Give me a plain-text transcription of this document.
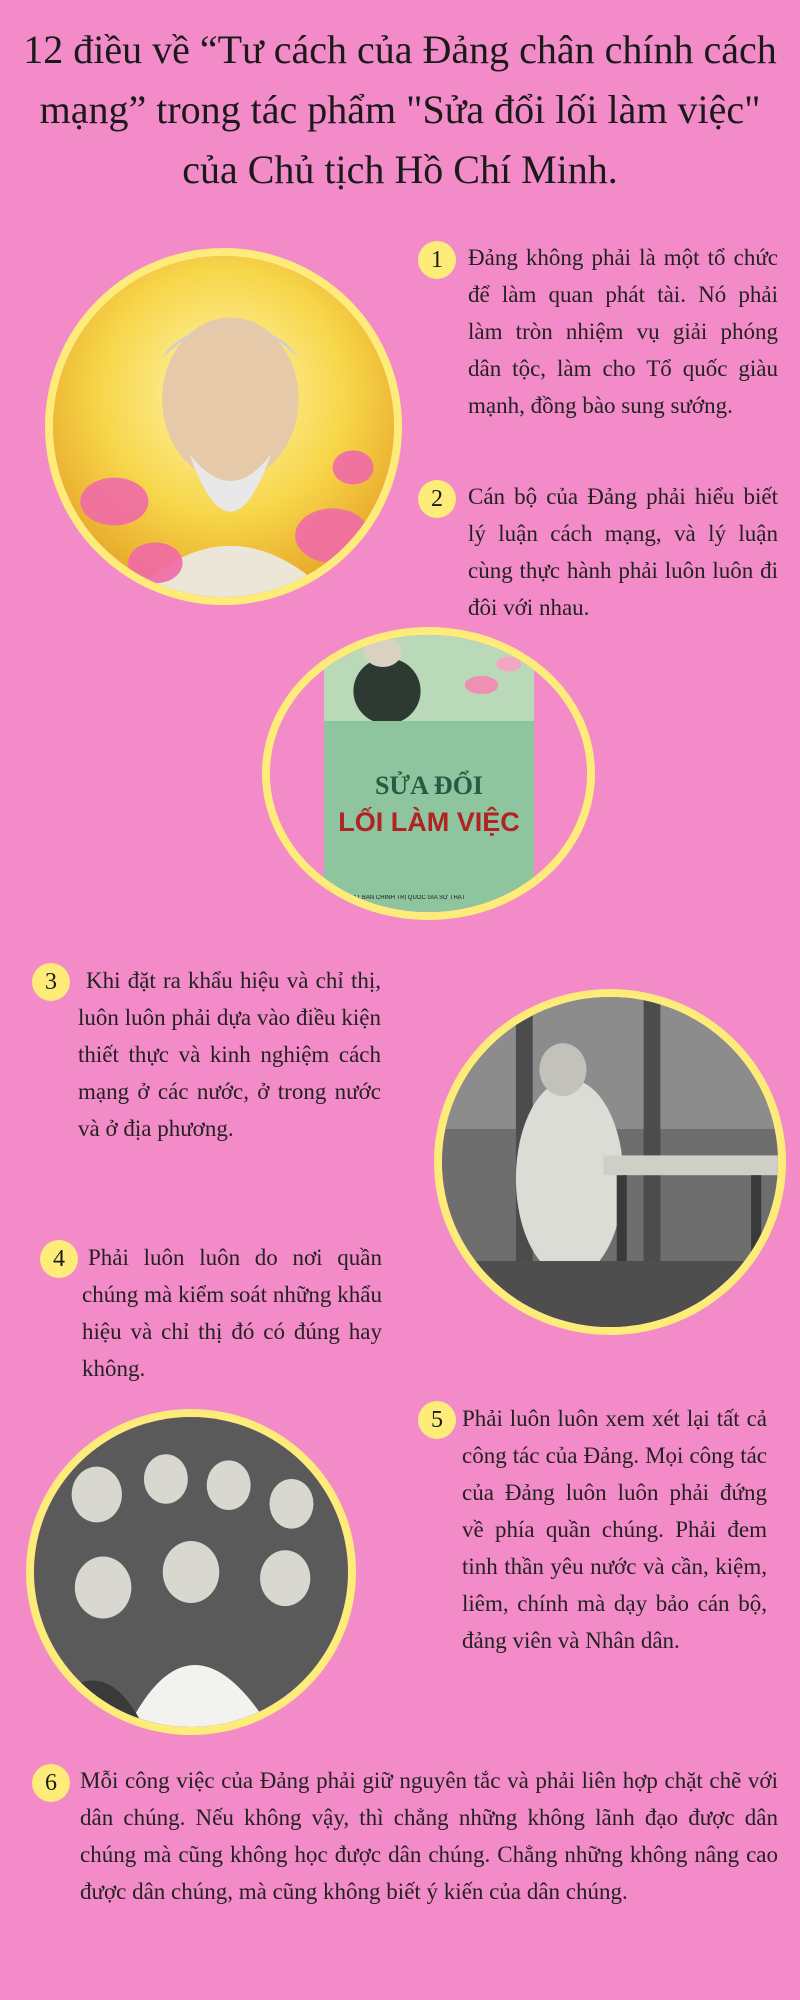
12 điều về “Tư cách của Đảng chân chính cách mạng” trong tác phẩm "Sửa đổi lối làm việc" của Chủ tịch Hồ Chí Minh.
1	Đảng không phải là một tổ chức để làm quan phát tài. Nó phải làm tròn nhiệm vụ giải phóng dân tộc, làm cho Tổ quốc giàu mạnh, đồng bào sung sướng.
2	Cán bộ của Đảng phải hiểu biết lý luận cách mạng, và lý luận cùng thực hành phải luôn luôn đi đôi với nhau.
X.Y.Z
SỬA ĐỔI
LỐI LÀM VIỆC
NHÀ XUẤT BẢN CHÍNH TRỊ QUỐC GIA SỰ THẬT
3	Khi đặt ra khẩu hiệu và chỉ thị, luôn luôn phải dựa vào điều kiện thiết thực và kinh nghiệm cách mạng ở các nước, ở trong nước và ở địa phương.
4	Phải luôn luôn do nơi quần chúng mà kiểm soát những khẩu hiệu và chỉ thị đó có đúng hay không.
5 Phải luôn luôn xem xét lại tất cả công tác của Đảng. Mọi công tác của Đảng luôn luôn phải đứng về phía quần chúng. Phải đem tinh thần yêu nước và cần, kiệm, liêm, chính mà dạy bảo cán bộ, đảng viên và Nhân dân.
6	Mỗi công việc của Đảng phải giữ nguyên tắc và phải liên hợp chặt chẽ với dân chúng. Nếu không vậy, thì chẳng những không lãnh đạo được dân chúng mà cũng không học được dân chúng. Chẳng những không nâng cao được dân chúng, mà cũng không biết ý kiến của dân chúng.
